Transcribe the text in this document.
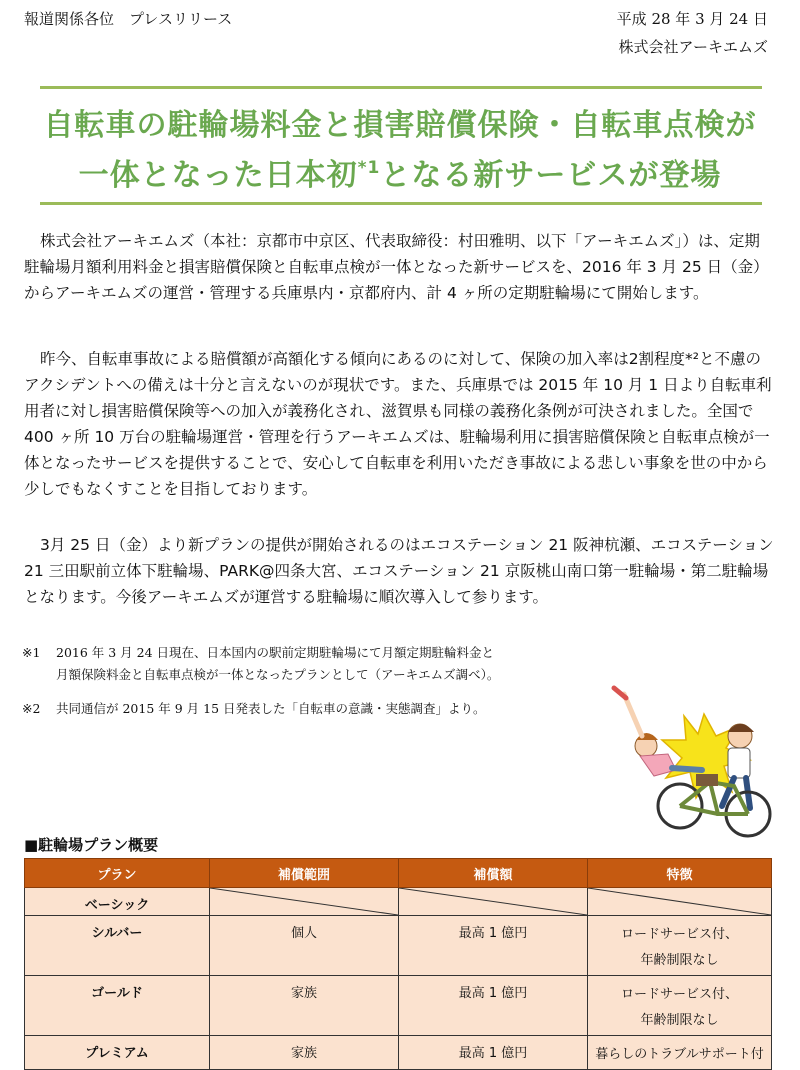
報道関係各位　プレスリリース	平成 28 年 3 月 24 日
株式会社アーキエムズ
自転車の駐輪場料金と損害賠償保険・自転車点検が
一体となった日本初$^{*1}$となる新サービスが登場

株式会社アーキエムズ（本社：京都市中京区、代表取締役：村田雅明、以下「アーキエムズ」）は、定期駐輪場月額利用料金と損害賠償保険と自転車点検が一体となった新サービスを、2016 年 3 月 25 日（金）からアーキエムズの運営・管理する兵庫県内・京都府内、計 4 ヶ所の定期駐輪場にて開始します。

昨今、自転車事故による賠償額が高額化する傾向にあるのに対して、保険の加入率は2割程度*²と不慮のアクシデントへの備えは十分と言えないのが現状です。また、兵庫県では 2015 年 10 月 1 日より自転車利用者に対し損害賠償保険等への加入が義務化され、滋賀県も同様の義務化条例が可決されました。全国で 400 ヶ所 10 万台の駐輪場運営・管理を行うアーキエムズは、駐輪場利用に損害賠償保険と自転車点検が一体となったサービスを提供することで、安心して自転車を利用いただき事故による悲しい事象を世の中から少しでもなくすことを目指しております。

3月 25 日（金）より新プランの提供が開始されるのはエコステーション 21 阪神杭瀬、エコステーション 21 三田駅前立体下駐輪場、PARK@四条大宮、エコステーション 21 京阪桃山南口第一駐輪場・第二駐輪場となります。今後アーキエムズが運営する駐輪場に順次導入して参ります。

※1 2016 年 3 月 24 日現在、日本国内の駅前定期駐輪場にて月額定期駐輪料金と
月額保険料金と自転車点検が一体となったプランとして（アーキエムズ調べ）。
※2 共同通信が 2015 年 9 月 15 日発表した「自転車の意識・実態調査」より。
■駐輪場プラン概要
プラン	補償範囲	補償額	特徴
ベーシック	

シルバー	個人	最高 1 億円	ロードサービス付、
年齢制限なし

ゴールド	家族	最高 1 億円	ロードサービス付、
年齢制限なし

プレミアム	家族	最高 1 億円	暮らしのトラブルサポート付
